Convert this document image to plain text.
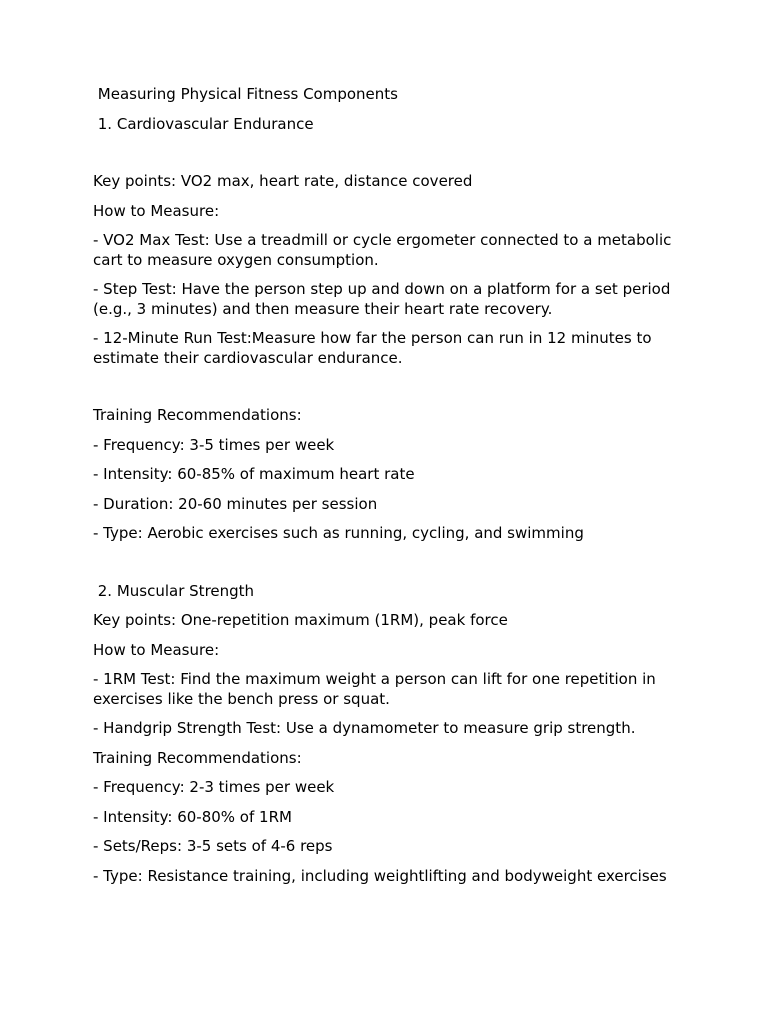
Measuring Physical Fitness Components

1. Cardiovascular Endurance

Key points: VO2 max, heart rate, distance covered

How to Measure:

- VO2 Max Test: Use a treadmill or cycle ergometer connected to a metabolic cart to measure oxygen consumption.

- Step Test: Have the person step up and down on a platform for a set period (e.g., 3 minutes) and then measure their heart rate recovery.

- 12-Minute Run Test:Measure how far the person can run in 12 minutes to estimate their cardiovascular endurance.

Training Recommendations:

- Frequency: 3-5 times per week

- Intensity: 60-85% of maximum heart rate

- Duration: 20-60 minutes per session

- Type: Aerobic exercises such as running, cycling, and swimming

2. Muscular Strength

Key points: One-repetition maximum (1RM), peak force

How to Measure:

- 1RM Test: Find the maximum weight a person can lift for one repetition in exercises like the bench press or squat.

- Handgrip Strength Test: Use a dynamometer to measure grip strength.

Training Recommendations:

- Frequency: 2-3 times per week

- Intensity: 60-80% of 1RM

- Sets/Reps: 3-5 sets of 4-6 reps

- Type: Resistance training, including weightlifting and bodyweight exercises
